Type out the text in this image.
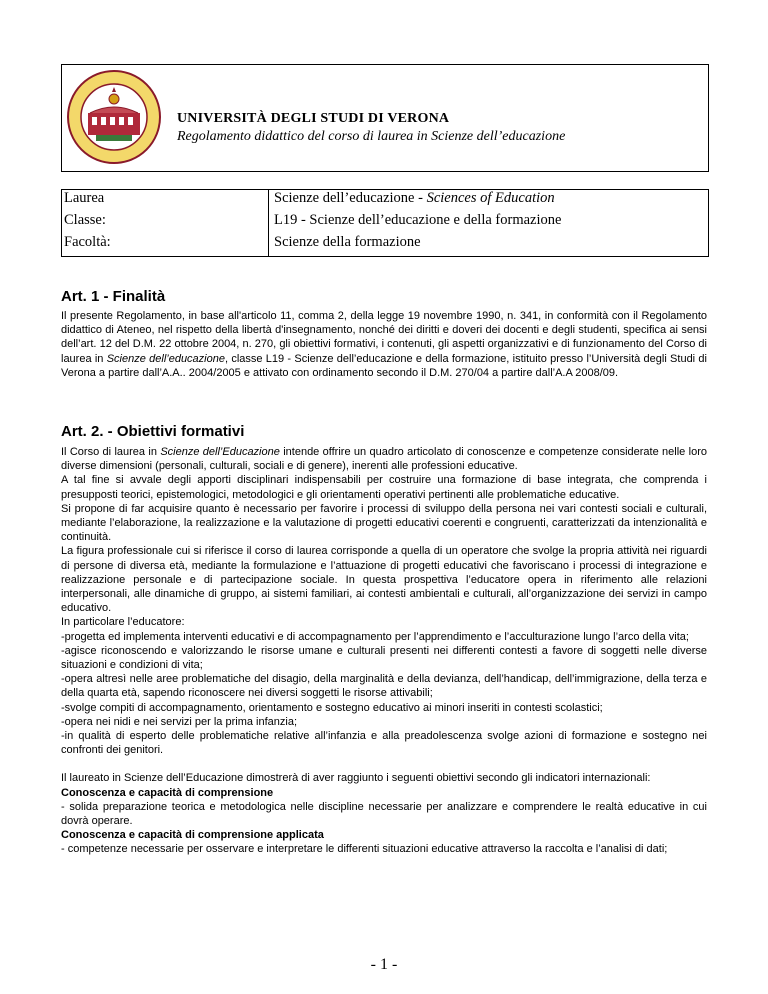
UNIVERSITÀ DEGLI STUDI DI VERONA
Regolamento didattico del corso di laurea in Scienze dell’educazione
Laurea	Scienze dell’educazione - Sciences of Education
Classe:	L19 - Scienze dell’educazione e della formazione
Facoltà:	Scienze della formazione
Art. 1 - Finalità

Il presente Regolamento, in base all'articolo 11, comma 2, della legge 19 novembre 1990, n. 341, in conformità con il Regolamento didattico di Ateneo, nel rispetto della libertà d'insegnamento, nonché dei diritti e doveri dei docenti e degli studenti, specifica ai sensi dell’art. 12 del D.M. 22 ottobre 2004, n. 270, gli obiettivi formativi, i contenuti, gli aspetti organizzativi e di funzionamento del Corso di laurea in Scienze dell’educazione, classe L19 - Scienze dell’educazione e della formazione, istituito presso l’Università degli Studi di Verona a partire dall’A.A.. 2004/2005 e attivato con ordinamento secondo il D.M. 270/04 a partire dall’A.A 2008/09.

Art. 2. - Obiettivi formativi
Il Corso di laurea in Scienze dell’Educazione intende offrire un quadro articolato di conoscenze e competenze considerate nelle loro diverse dimensioni (personali, culturali, sociali e di genere), inerenti alle professioni educative.
A tal fine si avvale degli apporti disciplinari indispensabili per costruire una formazione di base integrata, che comprenda i presupposti teorici, epistemologici, metodologici e gli orientamenti operativi pertinenti alle problematiche educative.
Si propone di far acquisire quanto è necessario per favorire i processi di sviluppo della persona nei vari contesti sociali e culturali, mediante l’elaborazione, la realizzazione e la valutazione di progetti educativi coerenti e congruenti, caratterizzati da intenzionalità e continuità.
La figura professionale cui si riferisce il corso di laurea corrisponde a quella di un operatore che svolge la propria attività nei riguardi di persone di diversa età, mediante la formulazione e l’attuazione di progetti educativi che favoriscano i processi di integrazione e realizzazione personale e di partecipazione sociale. In questa prospettiva l’educatore opera in riferimento alle relazioni interpersonali, alle dinamiche di gruppo, ai sistemi familiari, ai contesti ambientali e culturali, all’organizzazione dei servizi in campo educativo.
In particolare l’educatore:
-progetta ed implementa interventi educativi e di accompagnamento per l’apprendimento e l’acculturazione lungo l’arco della vita;
-agisce riconoscendo e valorizzando le risorse umane e culturali presenti nei differenti contesti a favore di soggetti nelle diverse situazioni e condizioni di vita;
-opera altresì nelle aree problematiche del disagio, della marginalità e della devianza, dell’handicap, dell’immigrazione, della terza e della quarta età, sapendo riconoscere nei diversi soggetti le risorse attivabili;
-svolge compiti di accompagnamento, orientamento e sostegno educativo ai minori inseriti in contesti scolastici;
-opera nei nidi e nei servizi per la prima infanzia;
-in qualità di esperto delle problematiche relative all’infanzia e alla preadolescenza svolge azioni di formazione e sostegno nei confronti dei genitori.
Il laureato in Scienze dell’Educazione dimostrerà di aver raggiunto i seguenti obiettivi secondo gli indicatori internazionali:
Conoscenza e capacità di comprensione
- solida preparazione teorica e metodologica nelle discipline necessarie per analizzare e comprendere le realtà educative in cui dovrà operare.
Conoscenza e capacità di comprensione applicata
- competenze necessarie per osservare e interpretare le differenti situazioni educative attraverso la raccolta e l’analisi di dati;
- 1 -
